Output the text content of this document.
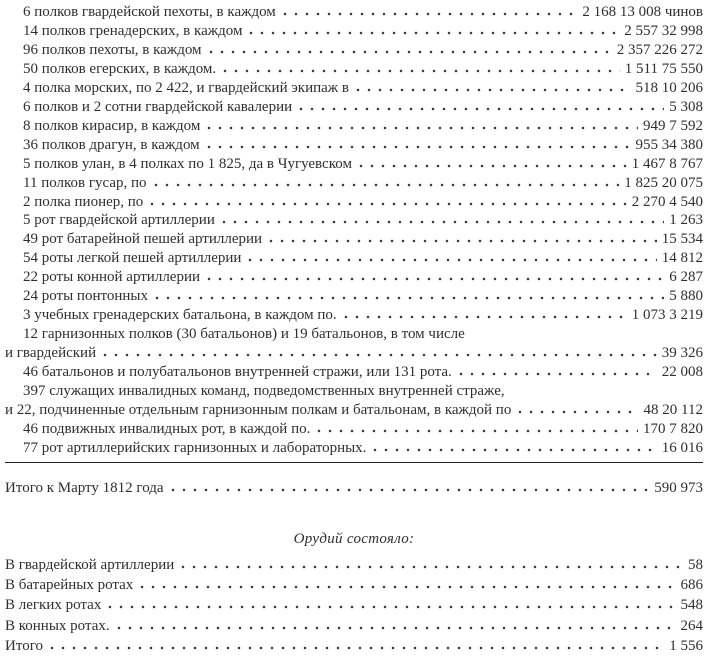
6 полков гвардейской пехоты, в каждом	2 168 13 008 чинов
14 полков гренадерских, в каждом	2 557 32 998
96 полков пехоты, в каждом	2 357 226 272
50 полков егерских, в каждом.	1 511 75 550
4 полка морских, по 2 422, и гвардейский экипаж в	518 10 206
6 полков и 2 сотни гвардейской кавалерии	5 308
8 полков кирасир, в каждом	949 7 592
36 полков драгун, в каждом	955 34 380
5 полков улан, в 4 полках по 1 825, да в Чугуевском	1 467 8 767
11 полков гусар, по	1 825 20 075
2 полка пионер, по	2 270 4 540
5 рот гвардейской артиллерии	1 263
49 рот батарейной пешей артиллерии	15 534
54 роты легкой пешей артиллерии	14 812
22 роты конной артиллерии	6 287
24 роты понтонных	5 880
3 учебных гренадерских батальона, в каждом по.	1 073 3 219
12 гарнизонных полков (30 батальонов) и 19 батальонов, в том числе
и гвардейский	39 326
46 батальонов и полубатальонов внутренней стражи, или 131 рота.	22 008
397 служащих инвалидных команд, подведомственных внутренней страже,
и 22, подчиненные отдельным гарнизонным полкам и батальонам, в каждой по	48 20 112
46 подвижных инвалидных рот, в каждой по.	170 7 820
77 рот артиллерийских гарнизонных и лабораторных.	16 016
Итого к Марту 1812 года	590 973
Орудий состояло:
В гвардейской артиллерии	58
В батарейных ротах	686
В легких ротах	548
В конных ротах.	264
Итого	1 556
